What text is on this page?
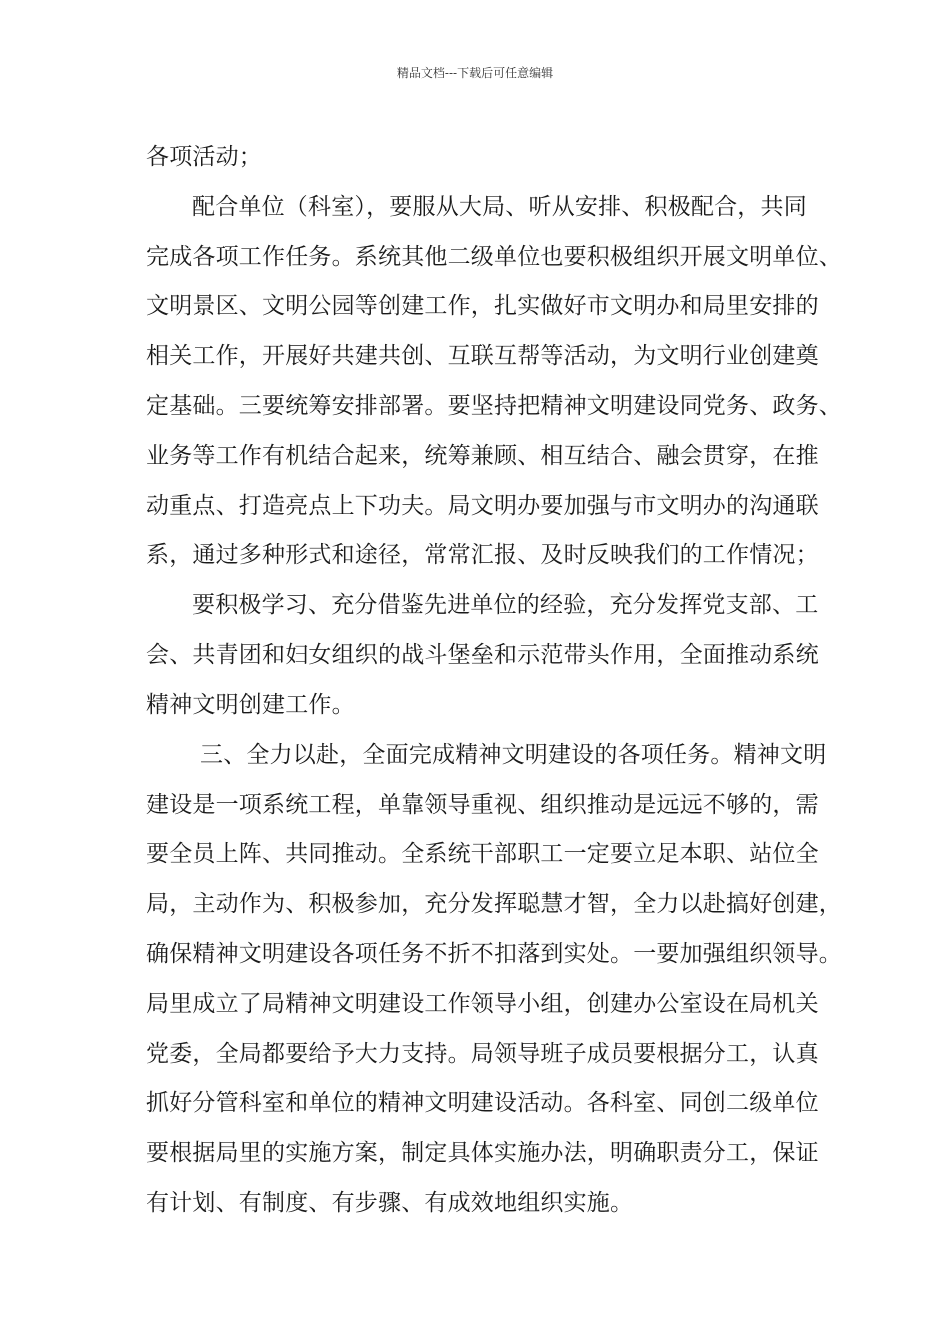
精品文档---下载后可任意编辑
各项活动；
配合单位（科室），要服从大局、听从安排、积极配合，共同
完成各项工作任务。系统其他二级单位也要积极组织开展文明单位、
文明景区、文明公园等创建工作，扎实做好市文明办和局里安排的
相关工作，开展好共建共创、互联互帮等活动，为文明行业创建奠
定基础。三要统筹安排部署。要坚持把精神文明建设同党务、政务、
业务等工作有机结合起来，统筹兼顾、相互结合、融会贯穿，在推
动重点、打造亮点上下功夫。局文明办要加强与市文明办的沟通联
系，通过多种形式和途径，常常汇报、及时反映我们的工作情况；
要积极学习、充分借鉴先进单位的经验，充分发挥党支部、工
会、共青团和妇女组织的战斗堡垒和示范带头作用，全面推动系统
精神文明创建工作。
三、全力以赴，全面完成精神文明建设的各项任务。精神文明
建设是一项系统工程，单靠领导重视、组织推动是远远不够的，需
要全员上阵、共同推动。全系统干部职工一定要立足本职、站位全
局，主动作为、积极参加，充分发挥聪慧才智，全力以赴搞好创建，
确保精神文明建设各项任务不折不扣落到实处。一要加强组织领导。
局里成立了局精神文明建设工作领导小组，创建办公室设在局机关
党委，全局都要给予大力支持。局领导班子成员要根据分工，认真
抓好分管科室和单位的精神文明建设活动。各科室、同创二级单位
要根据局里的实施方案，制定具体实施办法，明确职责分工，保证
有计划、有制度、有步骤、有成效地组织实施。
